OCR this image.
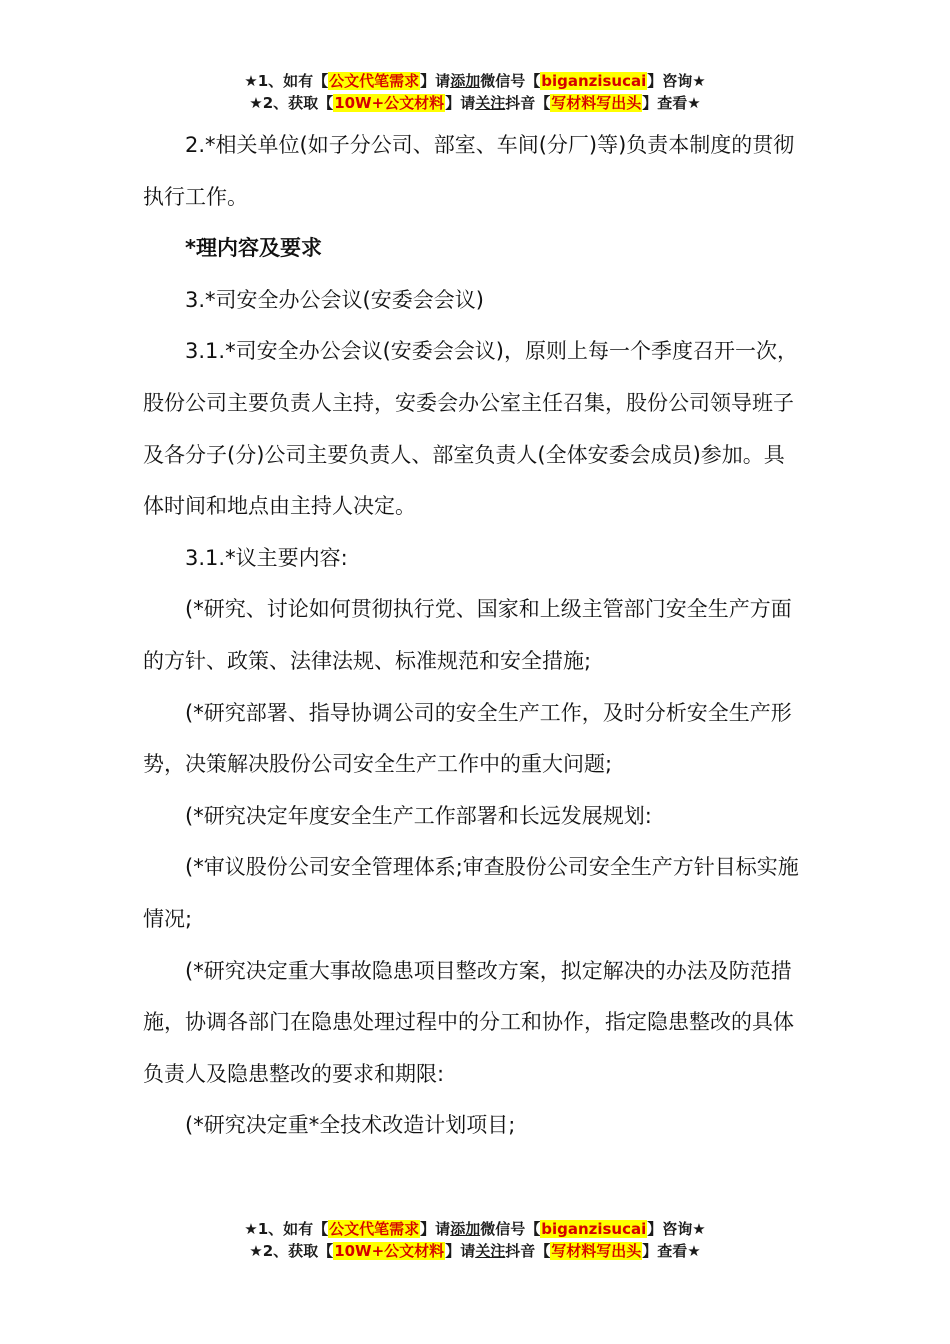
★1、如有【公文代笔需求】请添加微信号【biganzisucai】咨询★
★2、获取【10W+公文材料】请关注抖音【写材料写出头】查看★

2.*相关单位(如子分公司、部室、车间(分厂)等)负责本制度的贯彻执行工作。

*理内容及要求

3.*司安全办公会议(安委会会议)

3.1.*司安全办公会议(安委会会议)，原则上每一个季度召开一次，股份公司主要负责人主持，安委会办公室主任召集，股份公司领导班子及各分子(分)公司主要负责人、部室负责人(全体安委会成员)参加。具体时间和地点由主持人决定。

3.1.*议主要内容:

(*研究、讨论如何贯彻执行党、国家和上级主管部门安全生产方面的方针、政策、法律法规、标准规范和安全措施;

(*研究部署、指导协调公司的安全生产工作，及时分析安全生产形势，决策解决股份公司安全生产工作中的重大问题;

(*研究决定年度安全生产工作部署和长远发展规划:

(*审议股份公司安全管理体系;审查股份公司安全生产方针目标实施情况;

(*研究决定重大事故隐患项目整改方案，拟定解决的办法及防范措施，协调各部门在隐患处理过程中的分工和协作，指定隐患整改的具体负责人及隐患整改的要求和期限:

(*研究决定重*全技术改造计划项目;

★1、如有【公文代笔需求】请添加微信号【biganzisucai】咨询★
★2、获取【10W+公文材料】请关注抖音【写材料写出头】查看★
